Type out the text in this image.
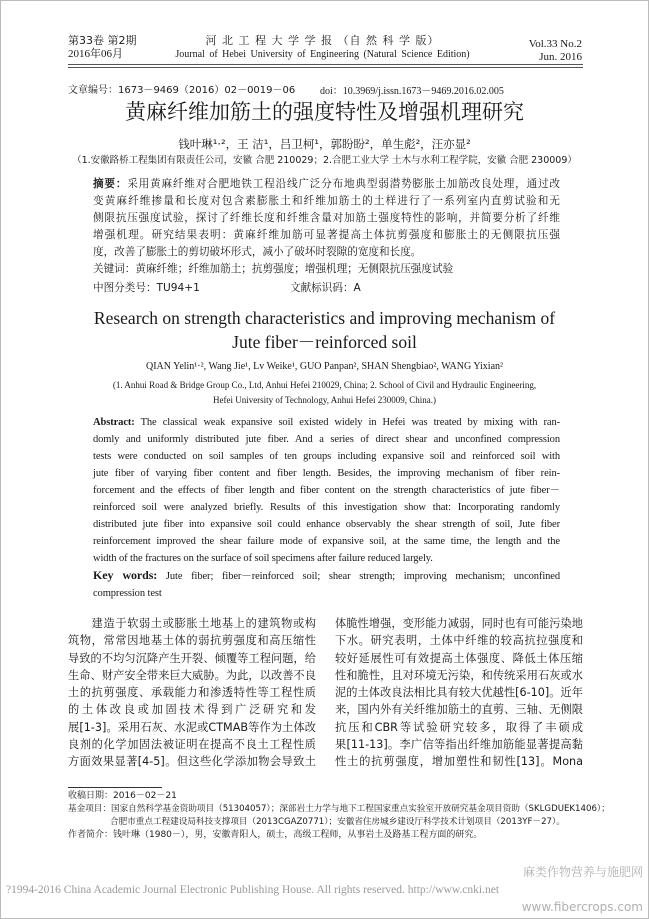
第33卷 第2期
2016年06月
河 北 工 程 大 学 学 报 （自 然 科 学 版）
Journal of Hebei University of Engineering (Natural Science Edition)
Vol.33 No.2
Jun. 2016
文章编号：1673－9469（2016）02－0019－06 doi：10.3969/j.issn.1673－9469.2016.02.005
黄麻纤维加筋土的强度特性及增强机理研究
钱叶琳¹·²，王 洁¹，吕卫柯¹，郭盼盼²，单生彪²，汪亦显²
（1.安徽路桥工程集团有限责任公司，安徽 合肥 210029；2.合肥工业大学 土木与水利工程学院，安徽 合肥 230009）
摘要：采用黄麻纤维对合肥地铁工程沿线广泛分布地典型弱潜势膨胀土加筋改良处理，通过改
变黄麻纤维掺量和长度对包含素膨胀土和纤维加筋土的土样进行了一系列室内直剪试验和无
侧限抗压强度试验，探讨了纤维长度和纤维含量对加筋土强度特性的影响，并简要分析了纤维
增强机理。研究结果表明：黄麻纤维加筋可显著提高土体抗剪强度和膨胀土的无侧限抗压强
度，改善了膨胀土的剪切破坏形式，减小了破坏时裂隙的宽度和长度。
关键词：黄麻纤维；纤维加筋土；抗剪强度；增强机理；无侧限抗压强度试验
中图分类号：TU94+1	文献标识码：A
Research on strength characteristics and improving mechanism of
Jute fiber－reinforced soil
QIAN Yelin¹·², Wang Jie¹, Lv Weike¹, GUO Panpan², SHAN Shengbiao², WANG Yixian²
(1. Anhui Road & Bridge Group Co., Ltd, Anhui Hefei 210029, China; 2. School of Civil and Hydraulic Engineering,
Hefei University of Technology, Anhui Hefei 230009, China.)
Abstract: The classical weak expansive soil existed widely in Hefei was treated by mixing with ran-
domly and uniformly distributed jute fiber. And a series of direct shear and unconfined compression
tests were conducted on soil samples of ten groups including expansive soil and reinforced soil with
jute fiber of varying fiber content and fiber length. Besides, the improving mechanism of fiber rein-
forcement and the effects of fiber length and fiber content on the strength characteristics of jute fiber－
reinforced soil were analyzed briefly. Results of this investigation show that: Incorporating randomly
distributed jute fiber into expansive soil could enhance observably the shear strength of soil, Jute fiber
reinforcement improved the shear failure mode of expansive soil, at the same time, the length and the
width of the fractures on the surface of soil specimens after failure reduced largely.
Key words: Jute fiber; fiber－reinforced soil; shear strength; improving mechanism; unconfined
compression test
　　建造于软弱土或膨胀土地基上的建筑物或构
筑物，常常因地基土体的弱抗剪强度和高压缩性
导致的不均匀沉降产生开裂、倾覆等工程问题，给
生命、财产安全带来巨大威胁。为此，以改善不良
土的抗剪强度、承载能力和渗透特性等工程性质
的土体改良或加固技术得到广泛研究和发
展[1-3]。采用石灰、水泥或CTMAB等作为土体改
良剂的化学加固法被证明在提高不良土工程性质
方面效果显著[4-5]。但这些化学添加物会导致土
体脆性增强，变形能力减弱，同时也有可能污染地
下水。研究表明，土体中纤维的较高抗拉强度和
较好延展性可有效提高土体强度、降低土体压缩
性和脆性，且对环境无污染，和传统采用石灰或水
泥的土体改良法相比具有较大优越性[6-10]。近年
来，国内外有关纤维加筋土的直剪、三轴、无侧限
抗压和CBR等试验研究较多，取得了丰硕成
果[11-13]。李广信等指出纤维加筋能显著提高黏
性土的抗剪强度，增加塑性和韧性[13]。Mona
收稿日期：2016－02－21
基金项目：国家自然科学基金资助项目（51304057）；深部岩土力学与地下工程国家重点实验室开放研究基金项目资助（SKLGDUEK1406）；
合肥市重点工程建设局科技支撑项目（2013CGAZ0771）；安徽省住房城乡建设厅科学技术计划项目（2013YF－27）。
作者简介：钱叶琳（1980－），男，安徽青阳人，硕士，高级工程师，从事岩土及路基工程方面的研究。
麻类作物营养与施肥网
?1994-2016 China Academic Journal Electronic Publishing House. All rights reserved. http://www.cnki.net
www.fibercrops.com
